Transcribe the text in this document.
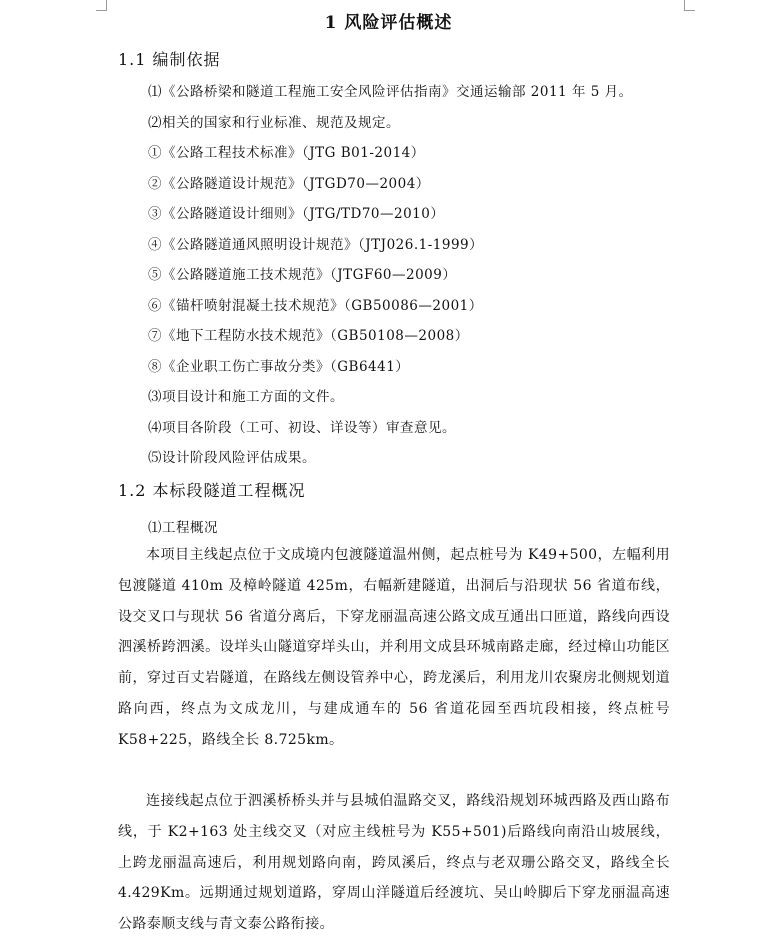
1 风险评估概述
1.1 编制依据
⑴《公路桥梁和隧道工程施工安全风险评估指南》交通运输部 2011 年 5 月。
⑵相关的国家和行业标准、规范及规定。
①《公路工程技术标准》（JTG B01-2014）
②《公路隧道设计规范》（JTGD70—2004）
③《公路隧道设计细则》（JTG/TD70—2010）
④《公路隧道通风照明设计规范》（JTJ026.1-1999）
⑤《公路隧道施工技术规范》（JTGF60—2009）
⑥《锚杆喷射混凝土技术规范》（GB50086—2001）
⑦《地下工程防水技术规范》（GB50108—2008）
⑧《企业职工伤亡事故分类》（GB6441）
⑶项目设计和施工方面的文件。
⑷项目各阶段（工可、初设、详设等）审查意见。
⑸设计阶段风险评估成果。
1.2 本标段隧道工程概况
⑴工程概况
本项目主线起点位于文成境内包渡隧道温州侧，起点桩号为 K49+500，左幅利用包渡隧道 410m 及樟岭隧道 425m，右幅新建隧道，出洞后与沿现状 56 省道布线，设交叉口与现状 56 省道分离后，下穿龙丽温高速公路文成互通出口匝道，路线向西设泗溪桥跨泗溪。设垟头山隧道穿垟头山，并利用文成县环城南路走廊，经过樟山功能区前，穿过百丈岩隧道，在路线左侧设管养中心，跨龙溪后，利用龙川农聚房北侧规划道路向西，终点为文成龙川，与建成通车的 56 省道花园至西坑段相接，终点桩号 K58+225，路线全长 8.725km。
连接线起点位于泗溪桥桥头并与县城伯温路交叉，路线沿规划环城西路及西山路布线，于 K2+163 处主线交叉（对应主线桩号为 K55+501)后路线向南沿山坡展线，上跨龙丽温高速后，利用规划路向南，跨凤溪后，终点与老双珊公路交叉，路线全长 4.429Km。远期通过规划道路，穿周山洋隧道后经渡坑、吴山岭脚后下穿龙丽温高速公路泰顺支线与青文泰公路衔接。
